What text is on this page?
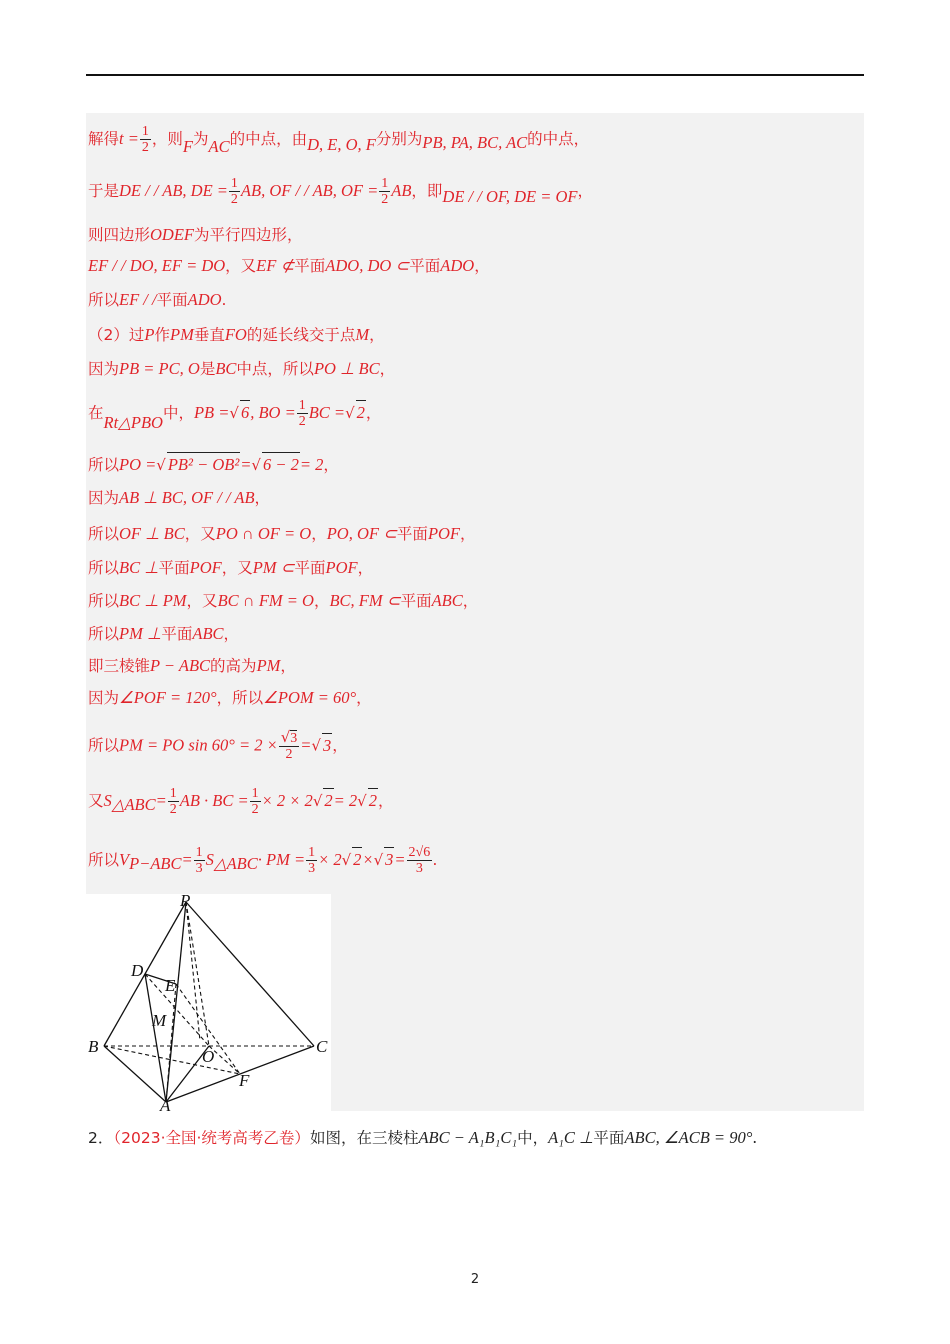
解得$t = \frac{1}{2}$ ，则F为AC的中点，由D, E, O, F分别为PB, PA, BC, AC的中点，
于是DE / / AB, DE = $\frac{1}{2}$ AB, OF / / AB, OF = $\frac{1}{2}$ AB，即DE / / OF, DE = OF，
则四边形ODEF为平行四边形，
EF / / DO, EF = DO，又EF ⊄平面ADO, DO ⊂平面ADO，
所以EF / /平面ADO.
（2）过P作PM垂直FO的延长线交于点M，
因为PB = PC, O是BC中点，所以PO ⊥ BC，
在Rt△PBO中，PB =√ 6, BO = $\frac{1}{2}$ BC =√ 2，
所以PO =√ PB² − OB²=√ 6 − 2= 2，
因为AB ⊥ BC, OF / / AB，
所以OF ⊥ BC，又PO ∩ OF = O，PO, OF ⊂平面POF，
所以BC ⊥平面POF，又PM ⊂平面POF，
所以BC ⊥ PM，又BC ∩ FM = O，BC, FM ⊂平面ABC，
所以PM ⊥平面ABC，
即三棱锥P − ABC的高为PM，
因为∠POF = 120°，所以∠POM = 60°，
所以PM = PO $\sin 60^\circ = 2 \times \frac{√3}{2}$ =√ 3，
又$S_{\triangle ABC}= \frac{1}{2}$ AB · BC = $\frac{1}{2} \times 2 \times 2√$ 2= 2√ 2，
所以$V_{P-ABC}= \frac{1}{3} S_{\triangle ABC}\cdot$ PM = $\frac{1}{3} \times 2√$ 2×√ $3= \frac{2√6}{3}$ .
P
D
E
M
B
O
C
F
A
2．（2023·全国·统考高考乙卷）如图，在三棱柱ABC − A₁B₁C₁中，A₁C ⊥平面ABC, ∠ACB = 90°.
2
